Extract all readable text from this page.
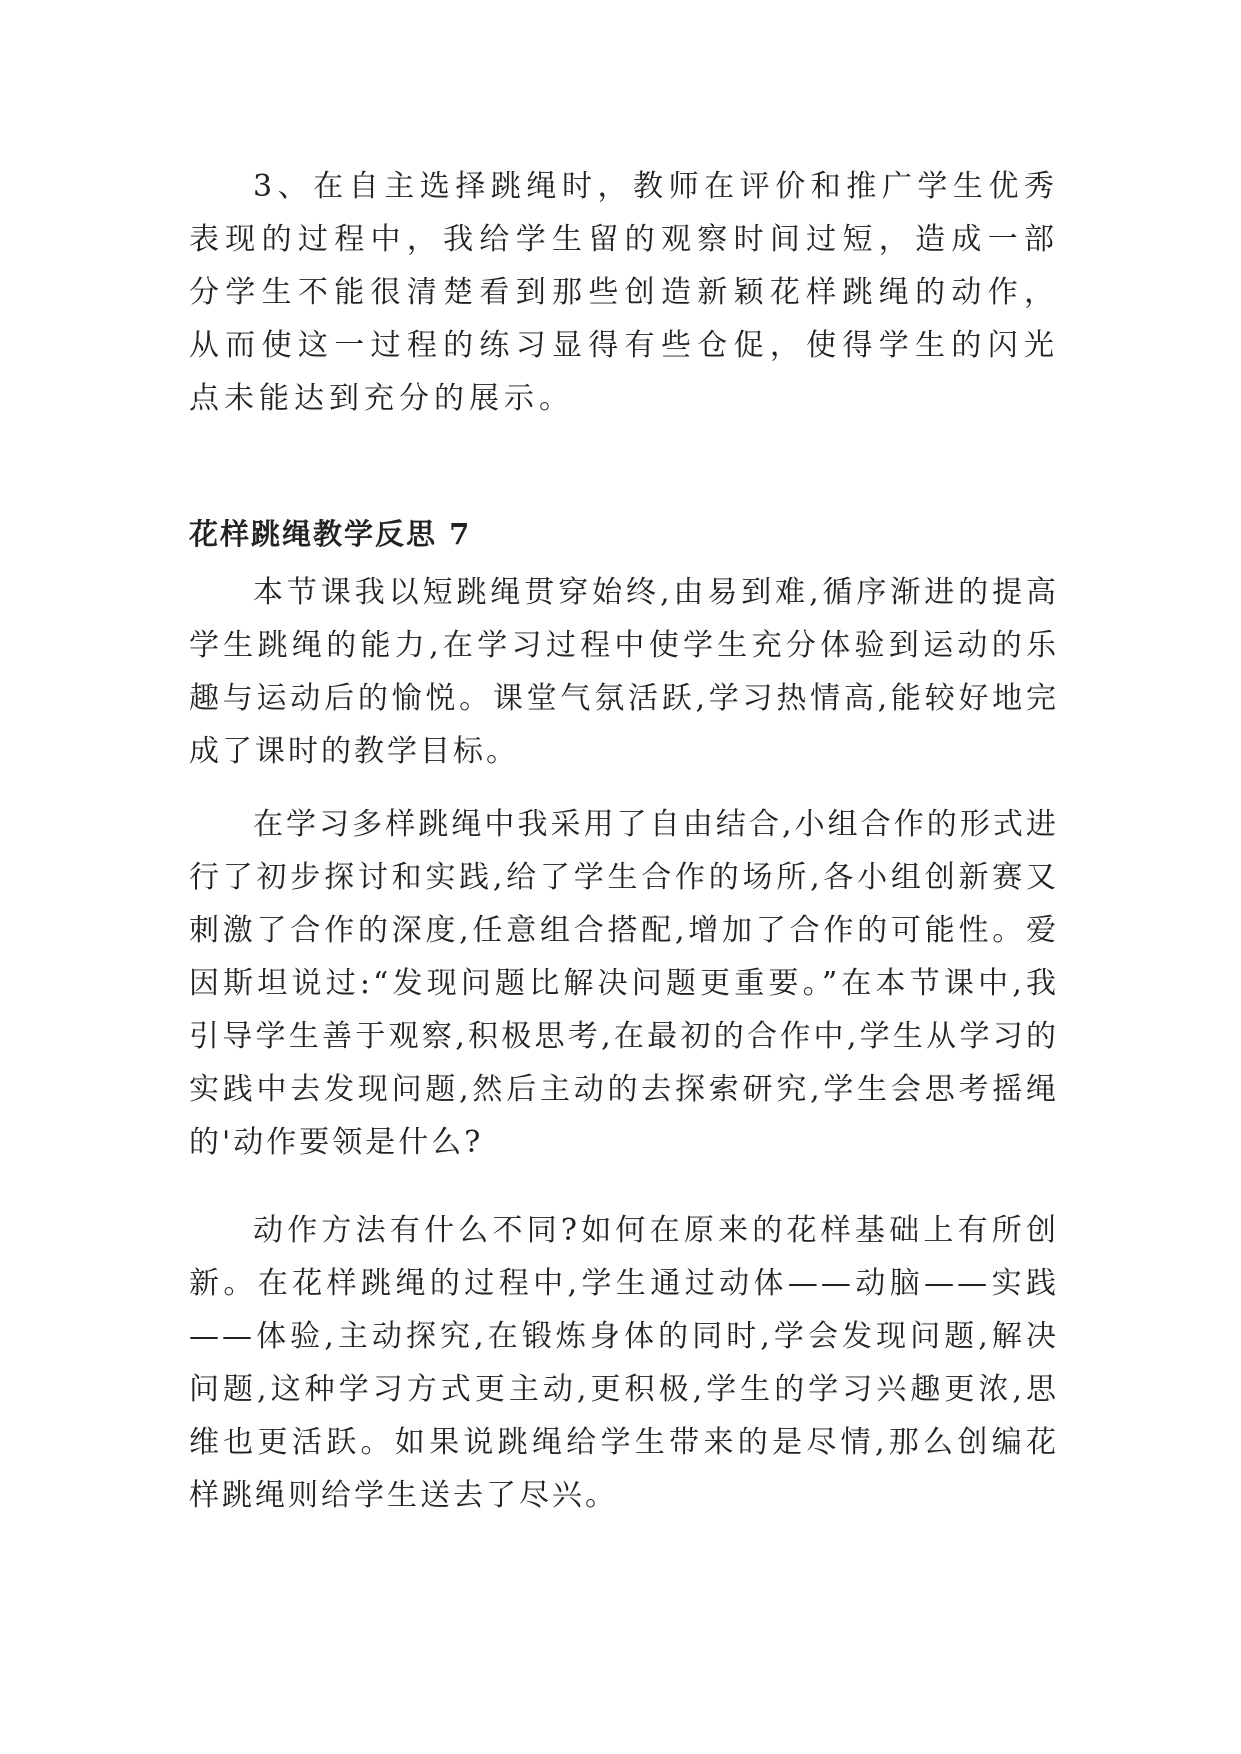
3、在自主选择跳绳时，教师在评价和推广学生优秀表现的过程中，我给学生留的观察时间过短，造成一部分学生不能很清楚看到那些创造新颖花样跳绳的动作，从而使这一过程的练习显得有些仓促，使得学生的闪光点未能达到充分的展示。

花样跳绳教学反思 7

本节课我以短跳绳贯穿始终,由易到难,循序渐进的提高学生跳绳的能力,在学习过程中使学生充分体验到运动的乐趣与运动后的愉悦。课堂气氛活跃,学习热情高,能较好地完成了课时的教学目标。

在学习多样跳绳中我采用了自由结合,小组合作的形式进行了初步探讨和实践,给了学生合作的场所,各小组创新赛又刺激了合作的深度,任意组合搭配,增加了合作的可能性。爱因斯坦说过:“发现问题比解决问题更重要。”在本节课中,我引导学生善于观察,积极思考,在最初的合作中,学生从学习的实践中去发现问题,然后主动的去探索研究,学生会思考摇绳的'动作要领是什么?

动作方法有什么不同?如何在原来的花样基础上有所创新。在花样跳绳的过程中,学生通过动体——动脑——实践——体验,主动探究,在锻炼身体的同时,学会发现问题,解决问题,这种学习方式更主动,更积极,学生的学习兴趣更浓,思维也更活跃。如果说跳绳给学生带来的是尽情,那么创编花样跳绳则给学生送去了尽兴。
